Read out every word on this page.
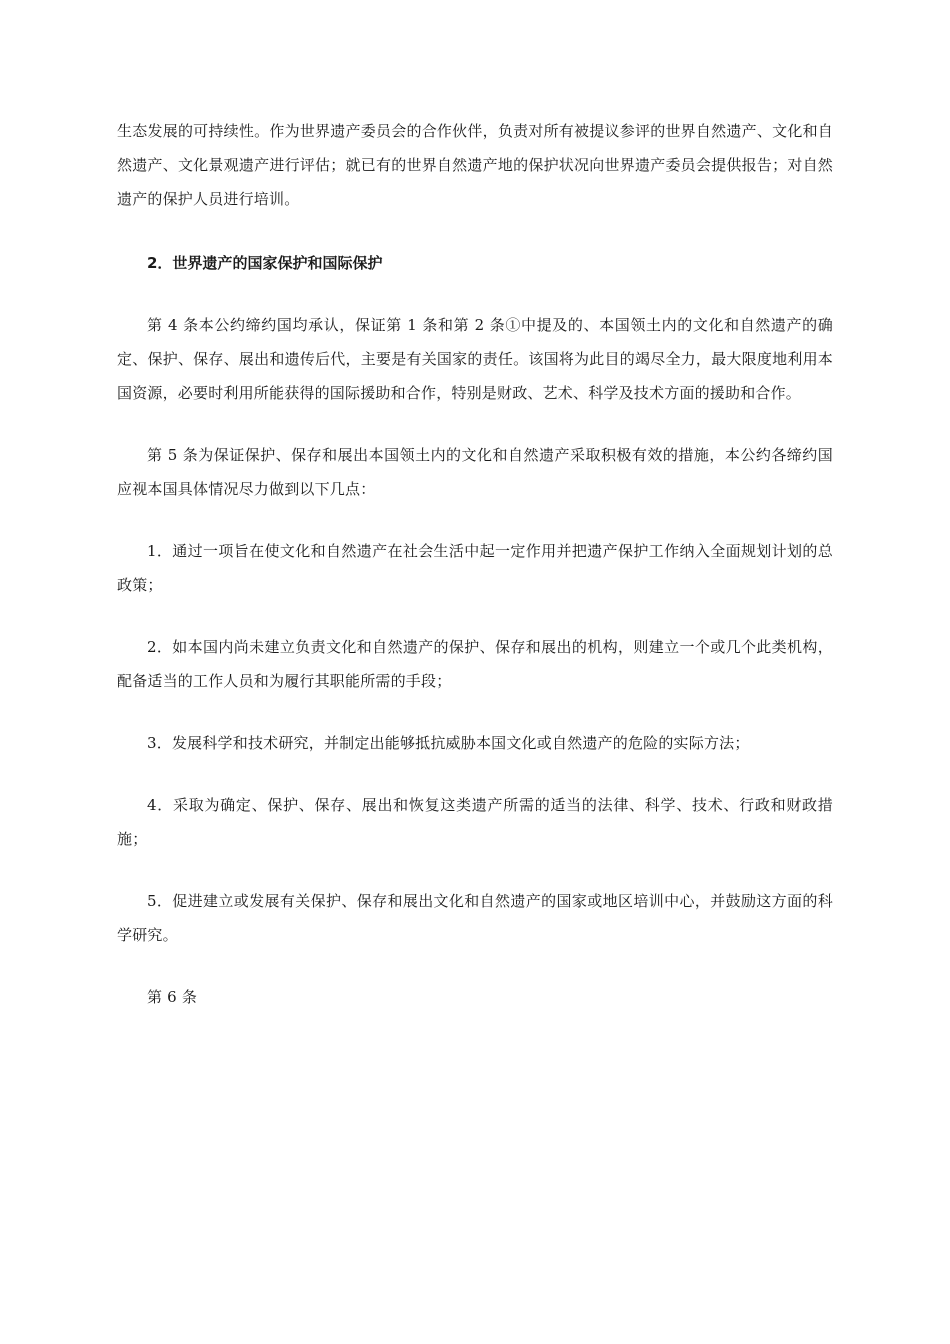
生态发展的可持续性。作为世界遗产委员会的合作伙伴，负责对所有被提议参评的世界自然遗产、文化和自然遗产、文化景观遗产进行评估；就已有的世界自然遗产地的保护状况向世界遗产委员会提供报告；对自然遗产的保护人员进行培训。

2．世界遗产的国家保护和国际保护

第 4 条本公约缔约国均承认，保证第 1 条和第 2 条①中提及的、本国领土内的文化和自然遗产的确定、保护、保存、展出和遗传后代，主要是有关国家的责任。该国将为此目的竭尽全力，最大限度地利用本国资源，必要时利用所能获得的国际援助和合作，特别是财政、艺术、科学及技术方面的援助和合作。

第 5 条为保证保护、保存和展出本国领土内的文化和自然遗产采取积极有效的措施，本公约各缔约国应视本国具体情况尽力做到以下几点：

1．通过一项旨在使文化和自然遗产在社会生活中起一定作用并把遗产保护工作纳入全面规划计划的总政策；

2．如本国内尚未建立负责文化和自然遗产的保护、保存和展出的机构，则建立一个或几个此类机构，配备适当的工作人员和为履行其职能所需的手段；

3．发展科学和技术研究，并制定出能够抵抗威胁本国文化或自然遗产的危险的实际方法；

4．采取为确定、保护、保存、展出和恢复这类遗产所需的适当的法律、科学、技术、行政和财政措施；

5．促进建立或发展有关保护、保存和展出文化和自然遗产的国家或地区培训中心，并鼓励这方面的科学研究。

第 6 条
